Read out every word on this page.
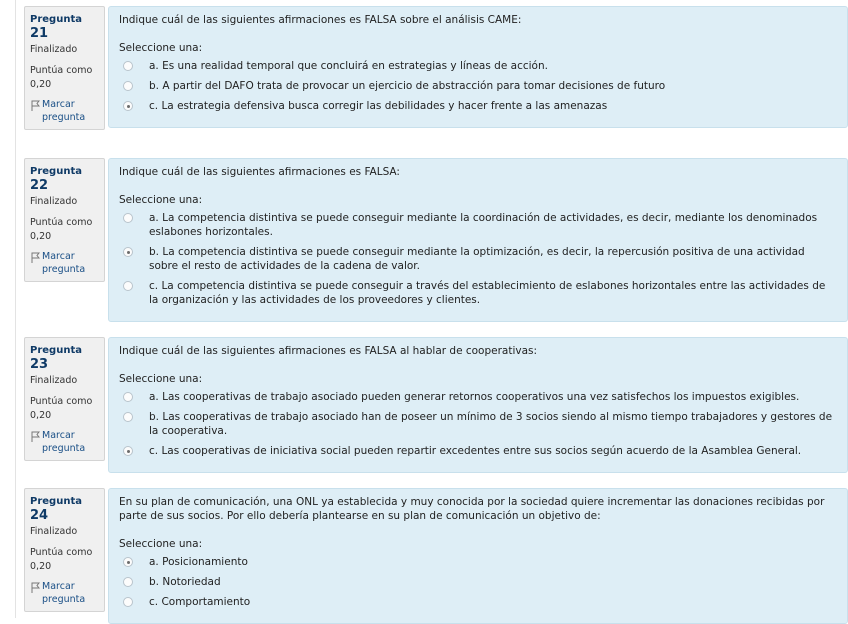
Pregunta 21
Finalizado
Puntúa como 0,20
Marcar pregunta

Indique cuál de las siguientes afirmaciones es FALSA sobre el análisis CAME:

Seleccione una:

a. Es una realidad temporal que concluirá en estrategias y líneas de acción.
b. A partir del DAFO trata de provocar un ejercicio de abstracción para tomar decisiones de futuro
c. La estrategia defensiva busca corregir las debilidades y hacer frente a las amenazas
Pregunta 22
Finalizado
Puntúa como 0,20
Marcar pregunta

Indique cuál de las siguientes afirmaciones es FALSA:

Seleccione una:

a. La competencia distintiva se puede conseguir mediante la coordinación de actividades, es decir, mediante los denominados eslabones horizontales.
b. La competencia distintiva se puede conseguir mediante la optimización, es decir, la repercusión positiva de una actividad sobre el resto de actividades de la cadena de valor.
c. La competencia distintiva se puede conseguir a través del establecimiento de eslabones horizontales entre las actividades de la organización y las actividades de los proveedores y clientes.
Pregunta 23
Finalizado
Puntúa como 0,20
Marcar pregunta

Indique cuál de las siguientes afirmaciones es FALSA al hablar de cooperativas:

Seleccione una:

a. Las cooperativas de trabajo asociado pueden generar retornos cooperativos una vez satisfechos los impuestos exigibles.
b. Las cooperativas de trabajo asociado han de poseer un mínimo de 3 socios siendo al mismo tiempo trabajadores y gestores de la cooperativa.
c. Las cooperativas de iniciativa social pueden repartir excedentes entre sus socios según acuerdo de la Asamblea General.
Pregunta 24
Finalizado
Puntúa como 0,20
Marcar pregunta

En su plan de comunicación, una ONL ya establecida y muy conocida por la sociedad quiere incrementar las donaciones recibidas por parte de sus socios. Por ello debería plantearse en su plan de comunicación un objetivo de:

Seleccione una:

a. Posicionamiento
b. Notoriedad
c. Comportamiento
